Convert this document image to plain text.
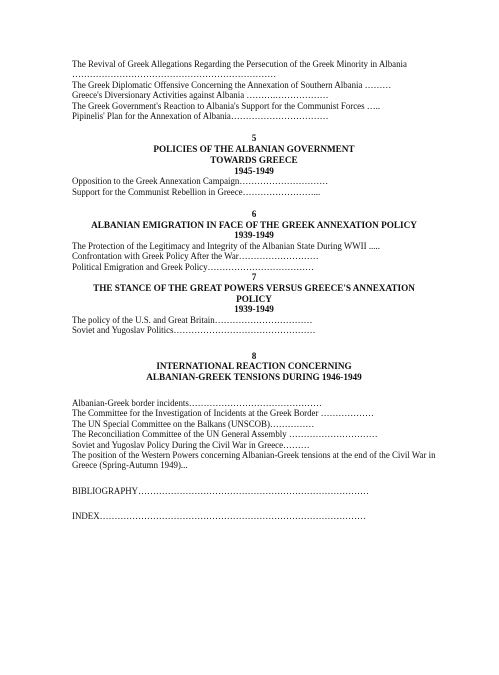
The Revival of Greek Allegations Regarding the Persecution of the Greek Minority in Albania ……………………………………………………………
The Greek Diplomatic Offensive Concerning the Annexation of Southern Albania ………
Greece's Diversionary Activities against Albania ……….………………
The Greek Government's Reaction to Albania's Support for the Communist Forces …..
Pipinelis' Plan for the Annexation of Albania……………………………
5
POLICIES OF THE ALBANIAN GOVERNMENT
TOWARDS GREECE
1945-1949
Opposition to the Greek Annexation Campaign…………………………
Support for the Communist Rebellion in Greece……………………...
6
ALBANIAN EMIGRATION IN FACE OF THE GREEK ANNEXATION POLICY
1939-1949
The Protection of the Legitimacy and Integrity of the Albanian State During WWII .....
Confrontation with Greek Policy After the War………………………
Political Emigration and Greek Policy………………………………
7
THE STANCE OF THE GREAT POWERS VERSUS GREECE'S ANNEXATION
POLICY
1939-1949
The policy of the U.S. and Great Britain……………………………
Soviet and Yugoslav Politics…………………………………………
8
INTERNATIONAL REACTION CONCERNING
ALBANIAN-GREEK TENSIONS DURING 1946-1949
Albanian-Greek border incidents………………………………………
The Committee for the Investigation of Incidents at the Greek Border ………………
The UN Special Committee on the Balkans (UNSCOB)……………
The Reconciliation Committee of the UN General Assembly …………………………
Soviet and Yugoslav Policy During the Civil War in Greece………
The position of the Western Powers concerning Albanian-Greek tensions at the end of the Civil War in Greece (Spring-Autumn 1949)...
BIBLIOGRAPHY……………………………………………………………………
INDEX………………………………………………………………………………
